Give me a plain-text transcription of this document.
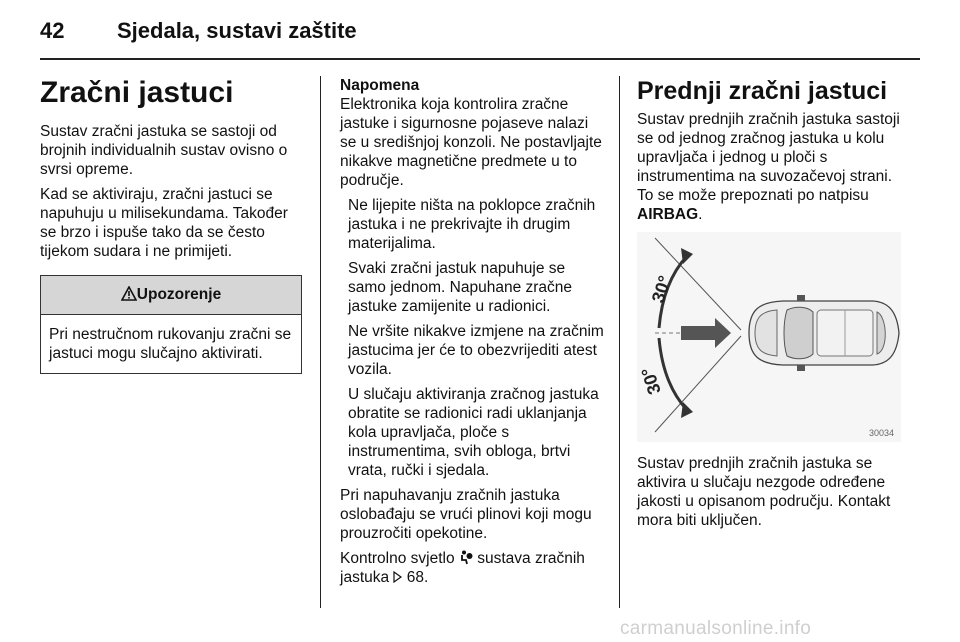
42 Sjedala, sustavi zaštite
Zračni jastuci

Sustav zračni jastuka se sastoji od brojnih individualnih sustav ovisno o svrsi opreme.

Kad se aktiviraju, zračni jastuci se napuhuju u milisekundama. Također se brzo i ispuše tako da se često tijekom sudara i ne primijeti.

Upozorenje
Pri nestručnom rukovanju zračni se jastuci mogu slučajno aktivirati.
Napomena

Elektronika koja kontrolira zračne jastuke i sigurnosne pojaseve nalazi se u središnjoj konzoli. Ne postavljajte nikakve magnetične predmete u to područje.

Ne lijepite ništa na poklopce zračnih jastuka i ne prekrivajte ih drugim materijalima.

Svaki zračni jastuk napuhuje se samo jednom. Napuhane zračne jastuke zamijenite u radionici.

Ne vršite nikakve izmjene na zračnim jastucima jer će to obezvrijediti atest vozila.

U slučaju aktiviranja zračnog jastuka obratite se radionici radi uklanjanja kola upravljača, ploče s instrumentima, svih obloga, brtvi vrata, ručki i sjedala.

Pri napuhavanju zračnih jastuka oslobađaju se vrući plinovi koji mogu prouzročiti opekotine.

Kontrolno svjetlo sustava zračnih
jastuka 68.

Prednji zračni jastuci

Sustav prednjih zračnih jastuka sastoji se od jednog zračnog jastuka u kolu upravljača i jednog u ploči s instrumentima na suvozačevoj strani. To se može prepoznati po natpisu AIRBAG.

30°
30°
30034

Sustav prednjih zračnih jastuka se aktivira u slučaju nezgode određene jakosti u opisanom području. Kontakt mora biti uključen.

carmanualsonline.info
